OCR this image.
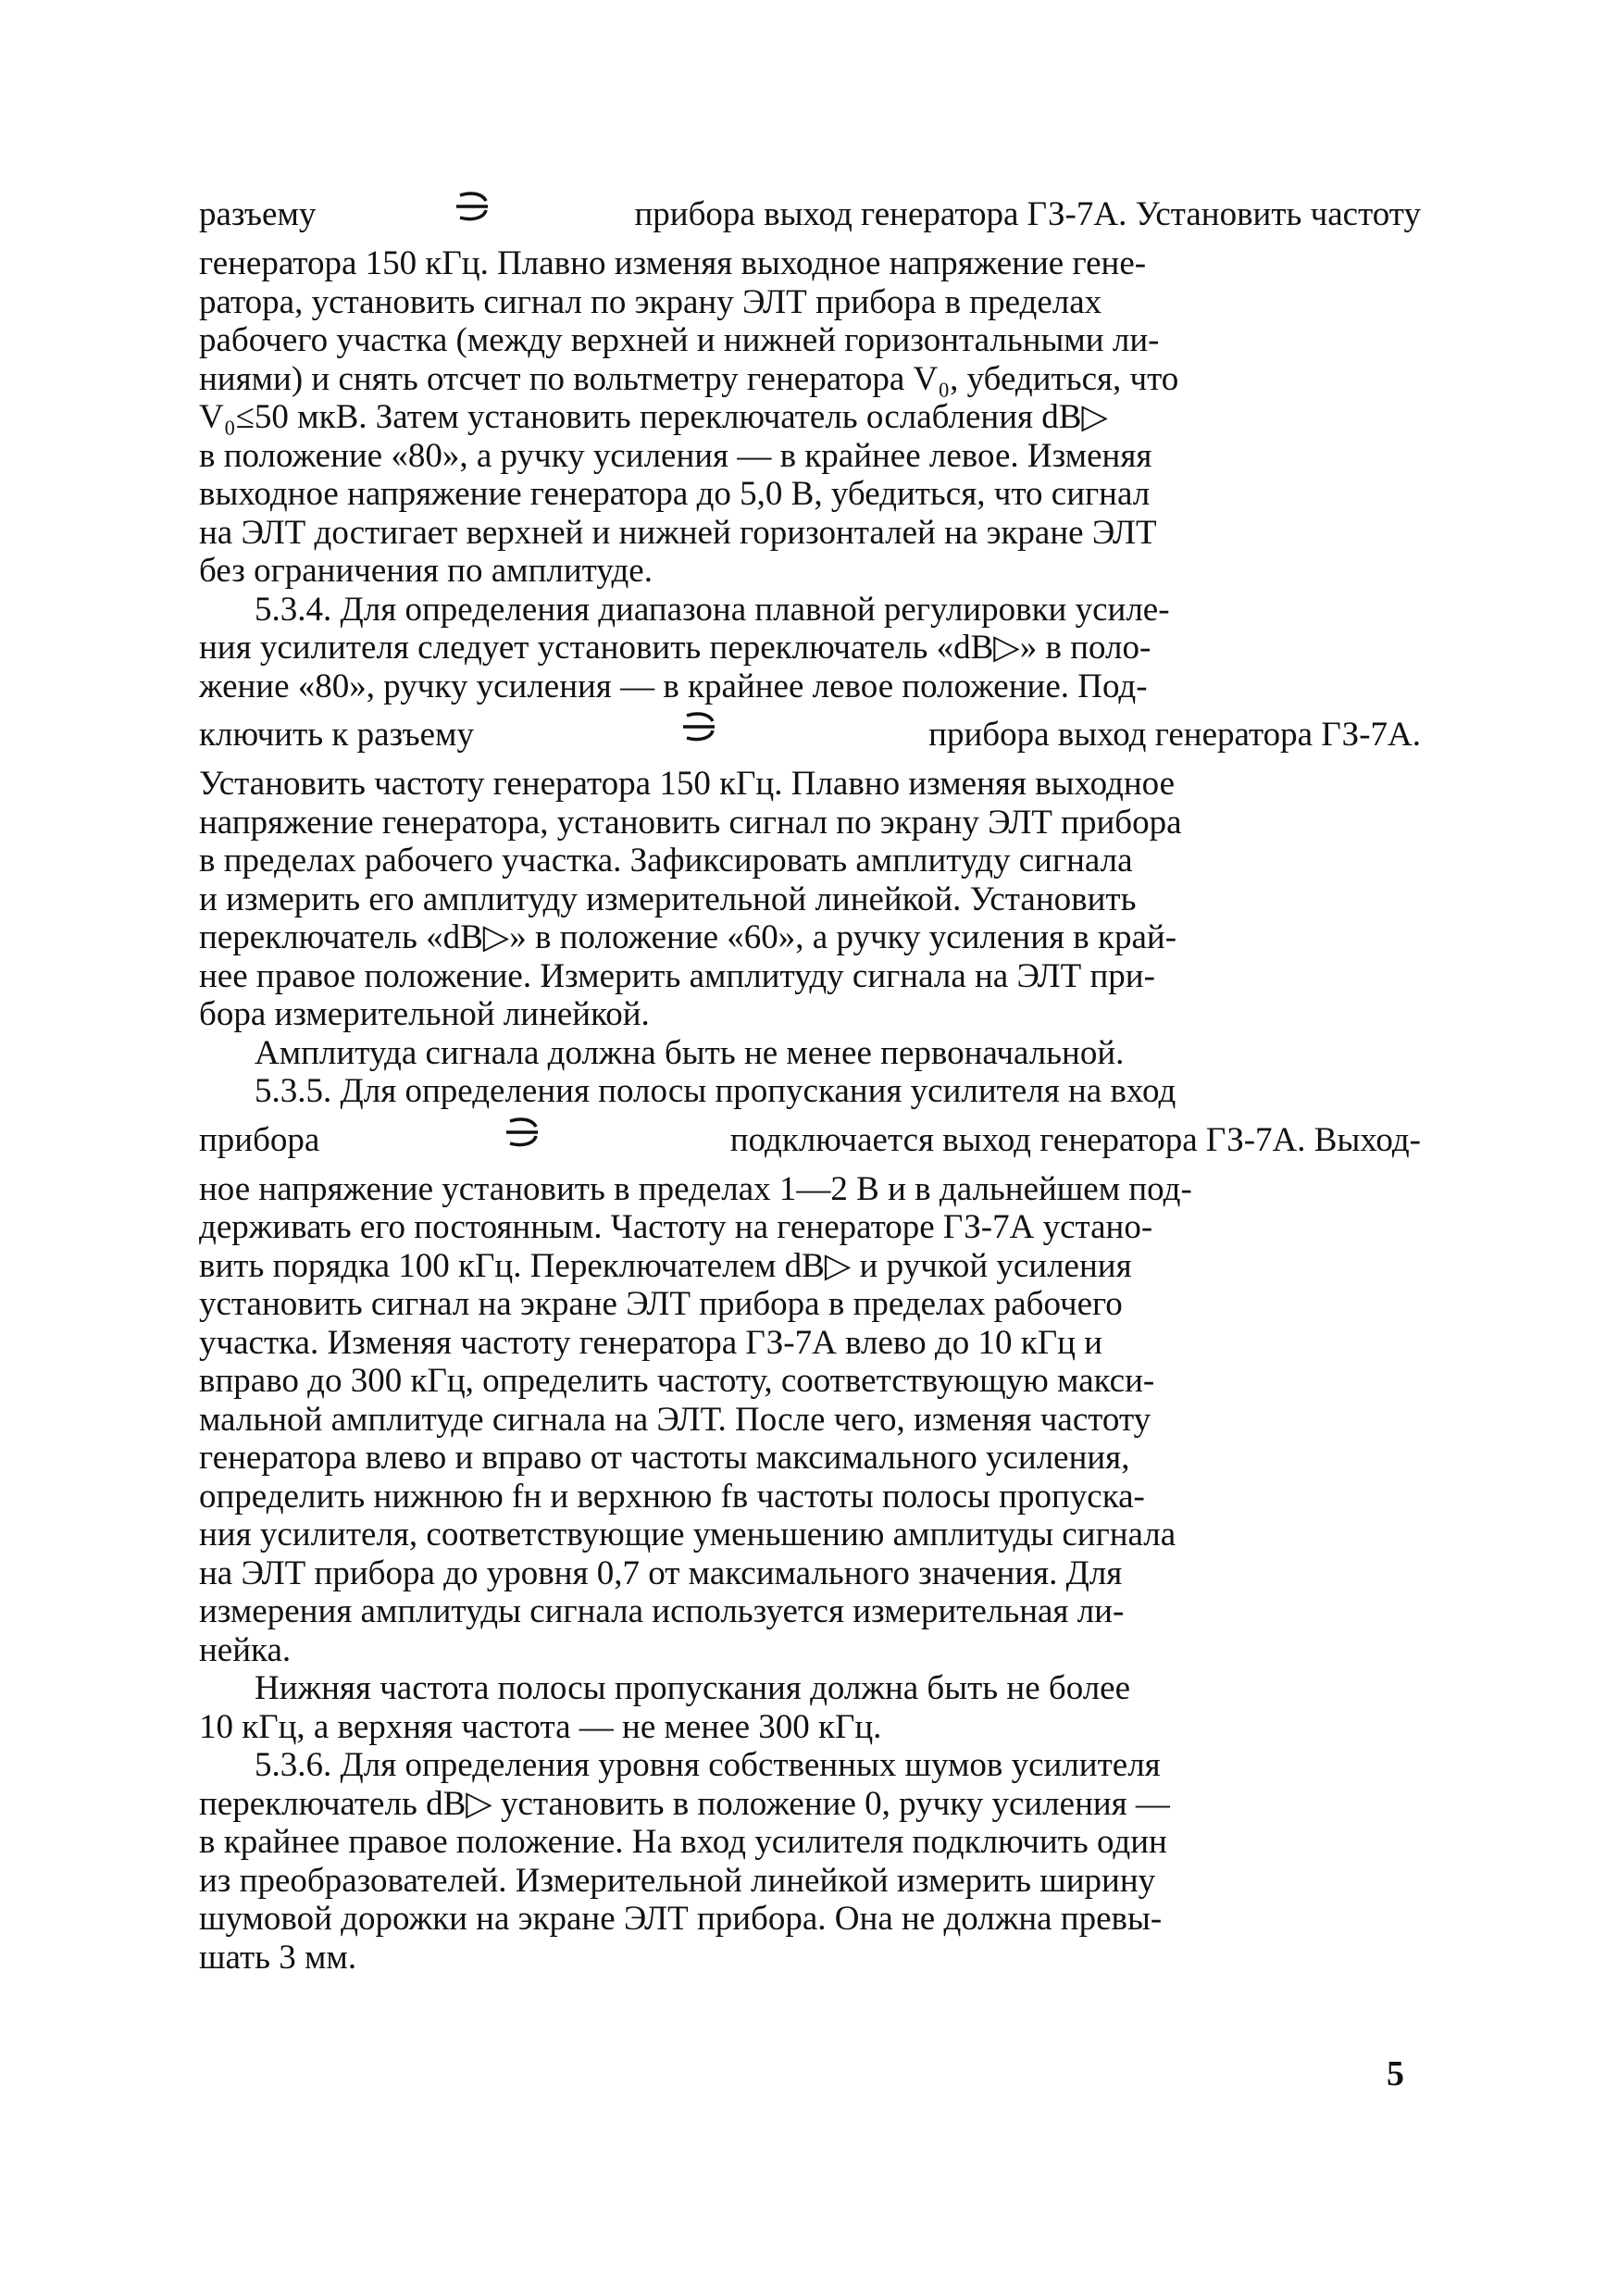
разъему	прибора выход генератора ГЗ-7А. Установить частоту
генератора 150 кГц. Плавно изменяя выходное напряжение гене-
ратора, установить сигнал по экрану ЭЛТ прибора в пределах
рабочего участка (между верхней и нижней горизонтальными ли-
ниями) и снять отсчет по вольтметру генератора V₀, убедиться, что
V₀≤50 мкВ. Затем установить переключатель ослабления dB▷
в положение «80», а ручку усиления — в крайнее левое. Изменяя
выходное напряжение генератора до 5,0 В, убедиться, что сигнал
на ЭЛТ достигает верхней и нижней горизонталей на экране ЭЛТ
без ограничения по амплитуде.
5.3.4. Для определения диапазона плавной регулировки усиле-
ния усилителя следует установить переключатель «dB▷» в поло-
жение «80», ручку усиления — в крайнее левое положение. Под-
ключить к разъему	прибора выход генератора ГЗ-7А.
Установить частоту генератора 150 кГц. Плавно изменяя выходное
напряжение генератора, установить сигнал по экрану ЭЛТ прибора
в пределах рабочего участка. Зафиксировать амплитуду сигнала
и измерить его амплитуду измерительной линейкой. Установить
переключатель «dB▷» в положение «60», а ручку усиления в край-
нее правое положение. Измерить амплитуду сигнала на ЭЛТ при-
бора измерительной линейкой.
Амплитуда сигнала должна быть не менее первоначальной.
5.3.5. Для определения полосы пропускания усилителя на вход
прибора	подключается выход генератора ГЗ-7А. Выход-
ное напряжение установить в пределах 1—2 В и в дальнейшем под-
держивать его постоянным. Частоту на генераторе ГЗ-7А устано-
вить порядка 100 кГц. Переключателем dB▷ и ручкой усиления
установить сигнал на экране ЭЛТ прибора в пределах рабочего
участка. Изменяя частоту генератора ГЗ-7А влево до 10 кГц и
вправо до 300 кГц, определить частоту, соответствующую макси-
мальной амплитуде сигнала на ЭЛТ. После чего, изменяя частоту
генератора влево и вправо от частоты максимального усиления,
определить нижнюю fн и верхнюю fв частоты полосы пропуска-
ния усилителя, соответствующие уменьшению амплитуды сигнала
на ЭЛТ прибора до уровня 0,7 от максимального значения. Для
измерения амплитуды сигнала используется измерительная ли-
нейка.
Нижняя частота полосы пропускания должна быть не более
10 кГц, а верхняя частота — не менее 300 кГц.
5.3.6. Для определения уровня собственных шумов усилителя
переключатель dB▷ установить в положение 0, ручку усиления —
в крайнее правое положение. На вход усилителя подключить один
из преобразователей. Измерительной линейкой измерить ширину
шумовой дорожки на экране ЭЛТ прибора. Она не должна превы-
шать 3 мм.
5
